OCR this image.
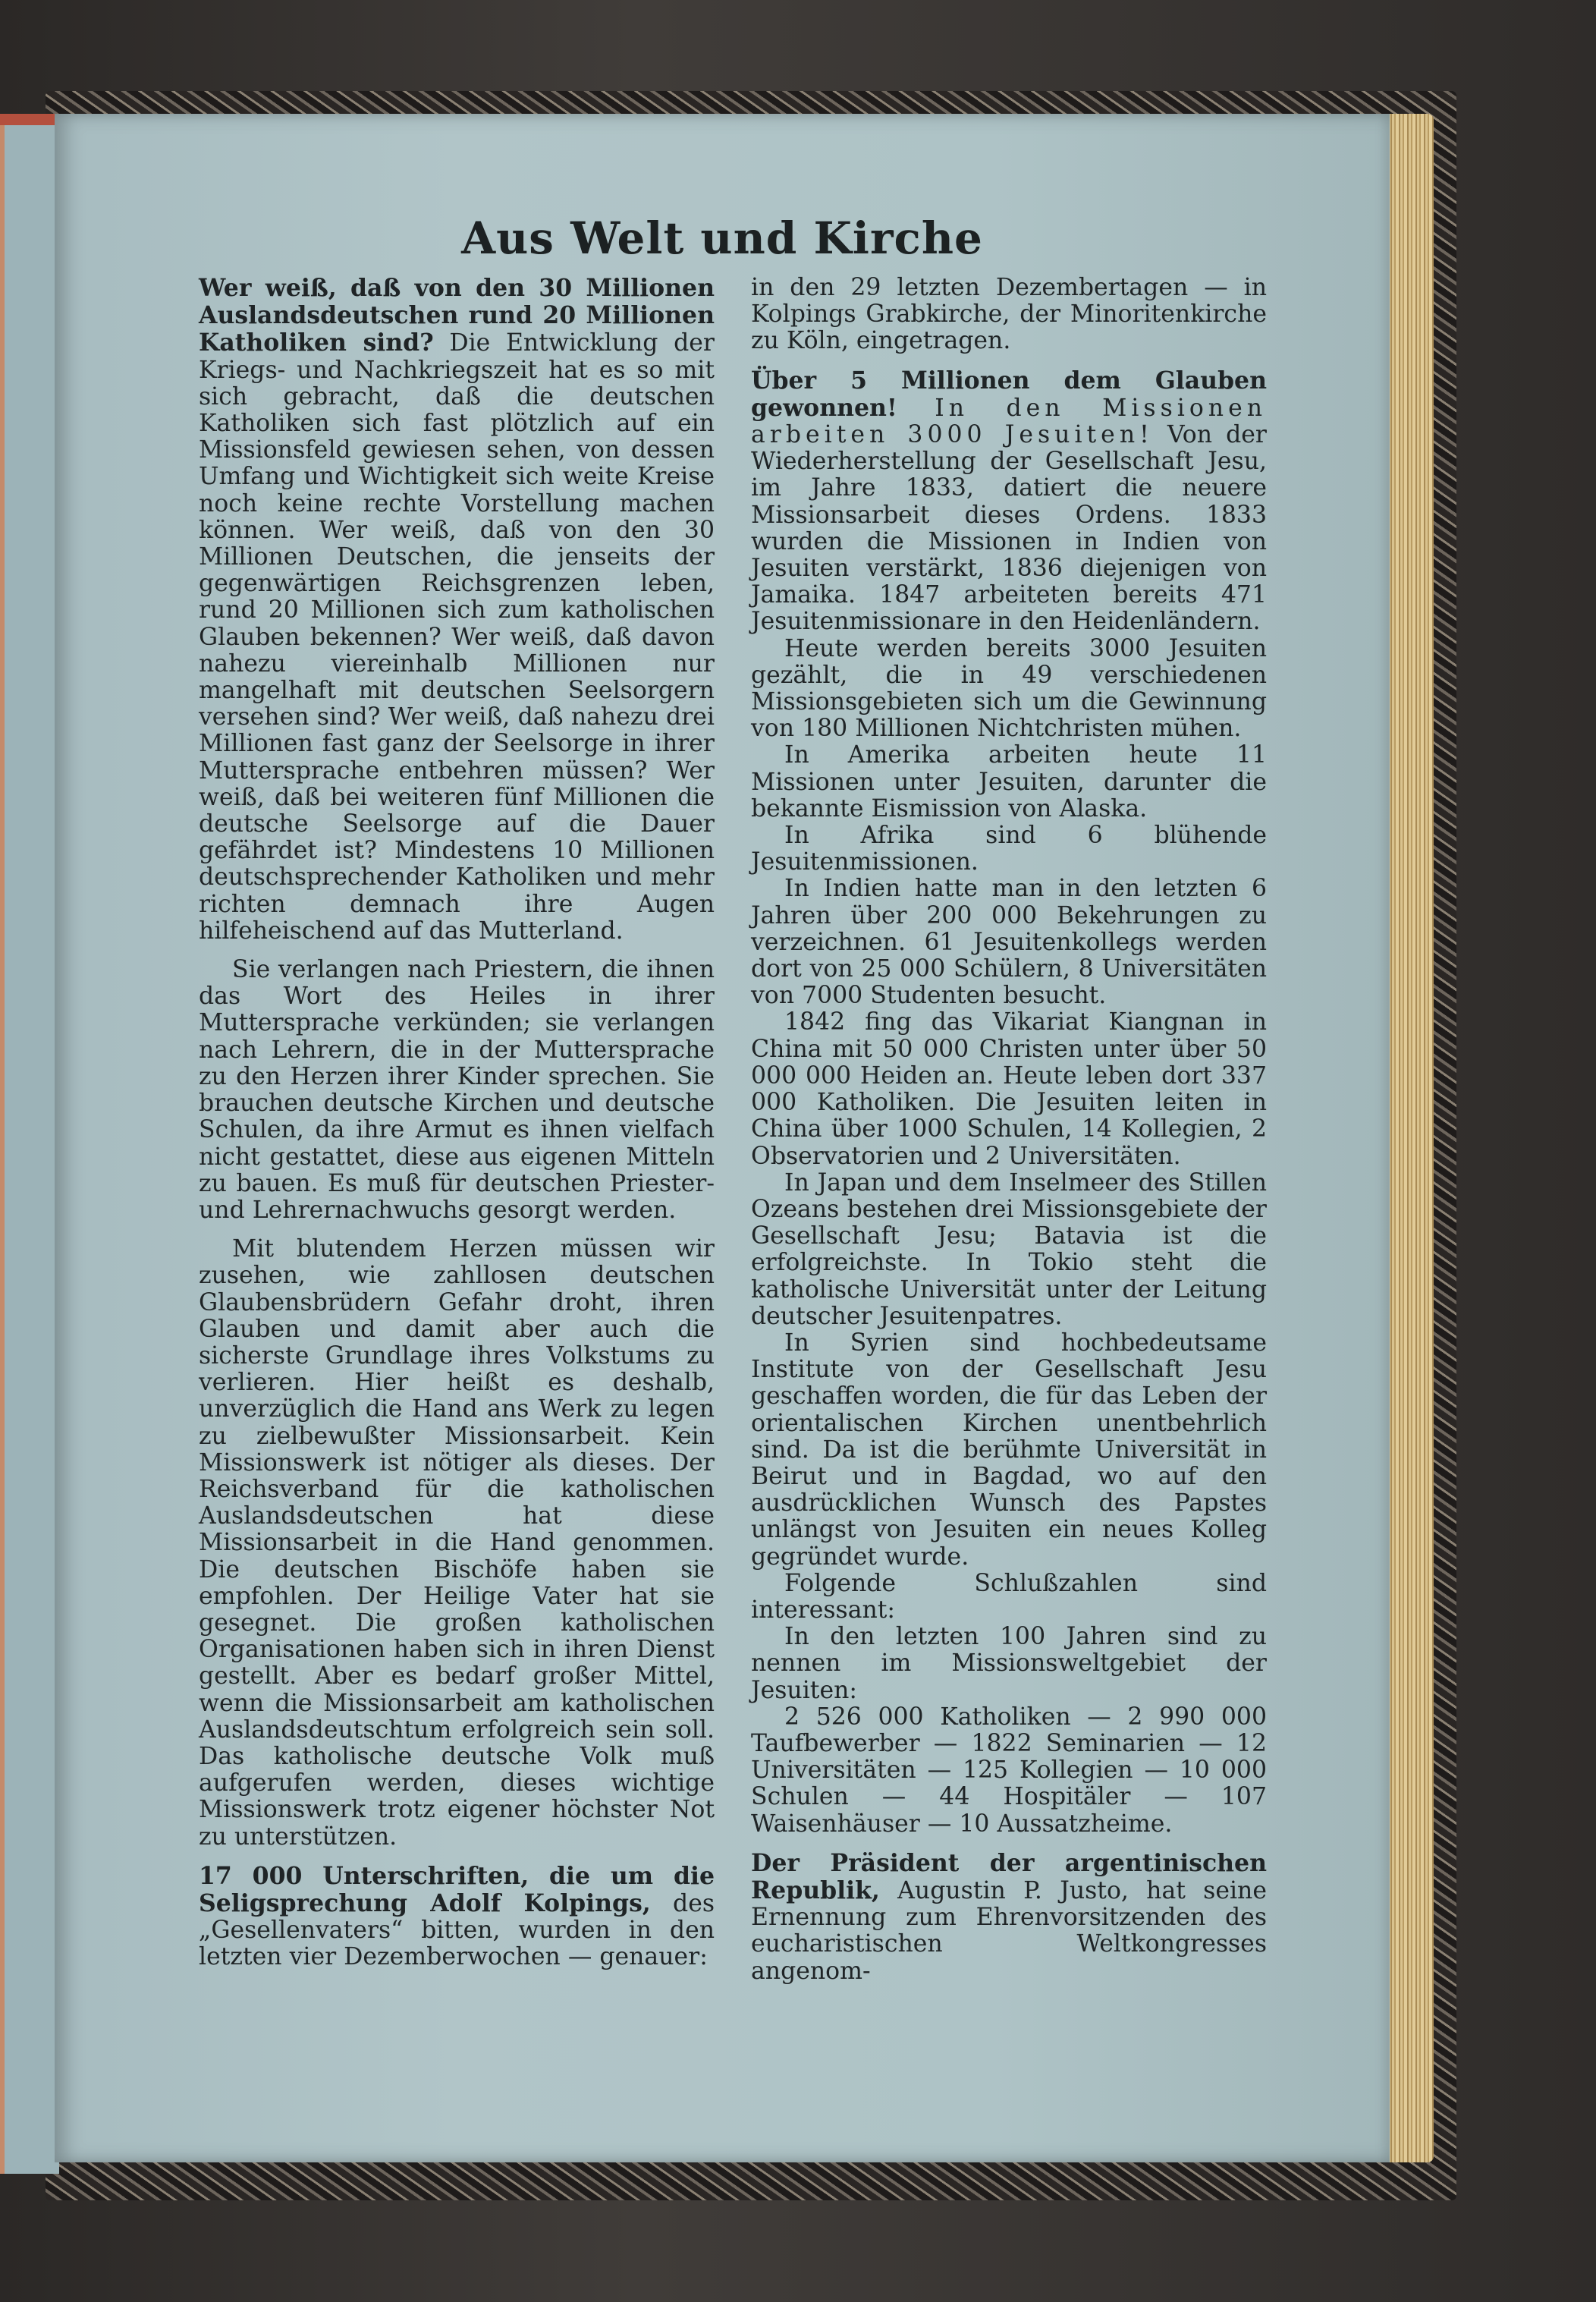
Aus Welt und Kirche

Wer weiß, daß von den 30 Millionen Auslandsdeutschen rund 20 Millionen Katholiken sind? Die Entwicklung der Kriegs- und Nachkriegszeit hat es so mit sich gebracht, daß die deutschen Katholiken sich fast plötzlich auf ein Missionsfeld gewiesen sehen, von dessen Umfang und Wichtigkeit sich weite Kreise noch keine rechte Vorstellung machen können. Wer weiß, daß von den 30 Millionen Deutschen, die jenseits der gegenwärtigen Reichsgrenzen leben, rund 20 Millionen sich zum katholischen Glauben bekennen? Wer weiß, daß davon nahezu viereinhalb Millionen nur mangelhaft mit deutschen Seelsorgern versehen sind? Wer weiß, daß nahezu drei Millionen fast ganz der Seelsorge in ihrer Muttersprache entbehren müssen? Wer weiß, daß bei weiteren fünf Millionen die deutsche Seelsorge auf die Dauer gefährdet ist? Mindestens 10 Millionen deutschsprechender Katholiken und mehr richten demnach ihre Augen hilfeheischend auf das Mutterland.

Sie verlangen nach Priestern, die ihnen das Wort des Heiles in ihrer Muttersprache verkünden; sie verlangen nach Lehrern, die in der Muttersprache zu den Herzen ihrer Kinder sprechen. Sie brauchen deutsche Kirchen und deutsche Schulen, da ihre Armut es ihnen vielfach nicht gestattet, diese aus eigenen Mitteln zu bauen. Es muß für deutschen Priester- und Lehrernachwuchs gesorgt werden.

Mit blutendem Herzen müssen wir zusehen, wie zahllosen deutschen Glaubensbrüdern Gefahr droht, ihren Glauben und damit aber auch die sicherste Grundlage ihres Volkstums zu verlieren. Hier heißt es deshalb, unverzüglich die Hand ans Werk zu legen zu zielbewußter Missionsarbeit. Kein Missionswerk ist nötiger als dieses. Der Reichsverband für die katholischen Auslandsdeutschen hat diese Missionsarbeit in die Hand genommen. Die deutschen Bischöfe haben sie empfohlen. Der Heilige Vater hat sie gesegnet. Die großen katholischen Organisationen haben sich in ihren Dienst gestellt. Aber es bedarf großer Mittel, wenn die Missionsarbeit am katholischen Auslandsdeutschtum erfolgreich sein soll. Das katholische deutsche Volk muß aufgerufen werden, dieses wichtige Missionswerk trotz eigener höchster Not zu unterstützen.

17 000 Unterschriften, die um die Seligsprechung Adolf Kolpings, des „Gesellenvaters“ bitten, wurden in den letzten vier Dezemberwochen — genauer:

in den 29 letzten Dezembertagen — in Kolpings Grabkirche, der Minoritenkirche zu Köln, eingetragen.

Über 5 Millionen dem Glauben gewonnen! In den Missionen arbeiten 3000 Jesuiten! Von der Wiederherstellung der Gesellschaft Jesu, im Jahre 1833, datiert die neuere Missionsarbeit dieses Ordens. 1833 wurden die Missionen in Indien von Jesuiten verstärkt, 1836 diejenigen von Jamaika. 1847 arbeiteten bereits 471 Jesuitenmissionare in den Heidenländern.

Heute werden bereits 3000 Jesuiten gezählt, die in 49 verschiedenen Missionsgebieten sich um die Gewinnung von 180 Millionen Nichtchristen mühen.

In Amerika arbeiten heute 11 Missionen unter Jesuiten, darunter die bekannte Eismission von Alaska.

In Afrika sind 6 blühende Jesuitenmissionen.

In Indien hatte man in den letzten 6 Jahren über 200 000 Bekehrungen zu verzeichnen. 61 Jesuitenkollegs werden dort von 25 000 Schülern, 8 Universitäten von 7000 Studenten besucht.

1842 fing das Vikariat Kiangnan in China mit 50 000 Christen unter über 50 000 000 Heiden an. Heute leben dort 337 000 Katholiken. Die Jesuiten leiten in China über 1000 Schulen, 14 Kollegien, 2 Observatorien und 2 Universitäten.

In Japan und dem Inselmeer des Stillen Ozeans bestehen drei Missionsgebiete der Gesellschaft Jesu; Batavia ist die erfolgreichste. In Tokio steht die katholische Universität unter der Leitung deutscher Jesuitenpatres.

In Syrien sind hochbedeutsame Institute von der Gesellschaft Jesu geschaffen worden, die für das Leben der orientalischen Kirchen unentbehrlich sind. Da ist die berühmte Universität in Beirut und in Bagdad, wo auf den ausdrücklichen Wunsch des Papstes unlängst von Jesuiten ein neues Kolleg gegründet wurde.

Folgende Schlußzahlen sind interessant:

In den letzten 100 Jahren sind zu nennen im Missionsweltgebiet der Jesuiten:

2 526 000 Katholiken — 2 990 000 Taufbewerber — 1822 Seminarien — 12 Universitäten — 125 Kollegien — 10 000 Schulen — 44 Hospitäler — 107 Waisenhäuser — 10 Aussatzheime.

Der Präsident der argentinischen Republik, Augustin P. Justo, hat seine Ernennung zum Ehrenvorsitzenden des eucharistischen Weltkongresses angenom-
